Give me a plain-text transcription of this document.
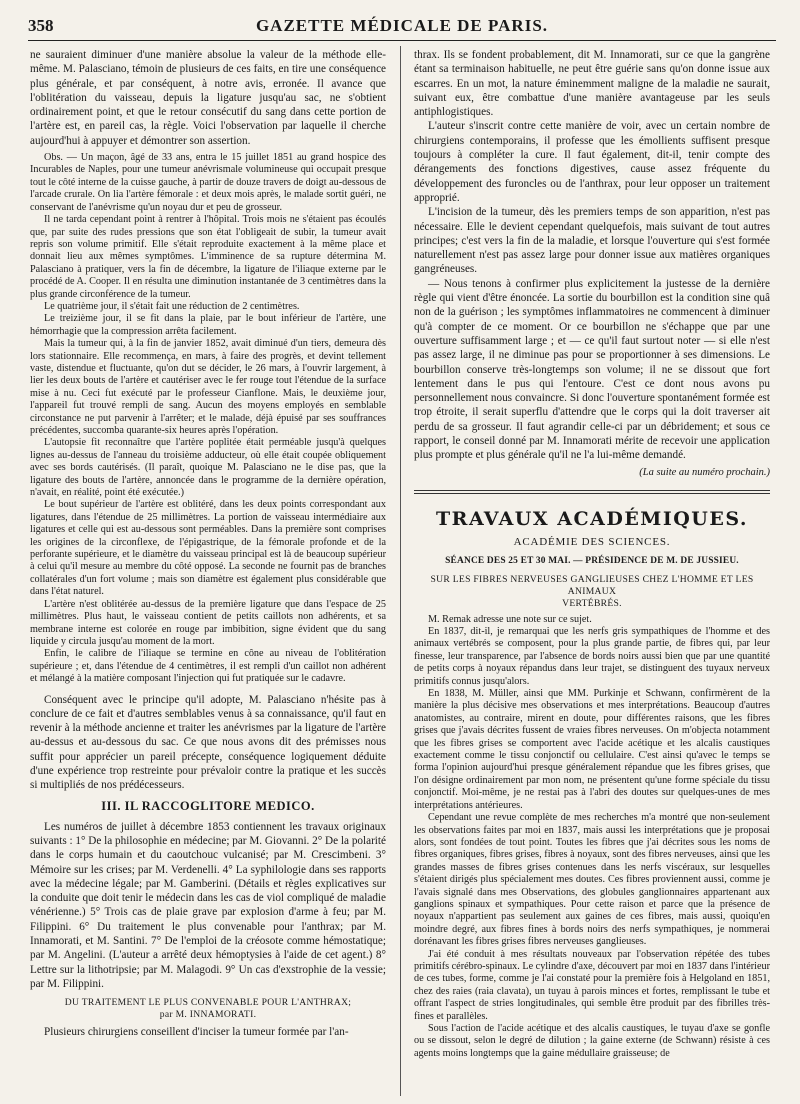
358	GAZETTE MÉDICALE DE PARIS.

ne sauraient diminuer d'une manière absolue la valeur de la méthode elle-même. M. Palasciano, témoin de plusieurs de ces faits, en tire une conséquence plus générale, et par conséquent, à notre avis, erronée. Il avance que l'oblitération du vaisseau, depuis la ligature jusqu'au sac, ne s'obtient ordinairement point, et que le retour consécutif du sang dans cette portion de l'artère est, en pareil cas, la règle. Voici l'observation par laquelle il cherche aujourd'hui à appuyer et démontrer son assertion.

Obs. — Un maçon, âgé de 33 ans, entra le 15 juillet 1851 au grand hospice des Incurables de Naples, pour une tumeur anévrismale volumineuse qui occupait presque tout le côté interne de la cuisse gauche, à partir de douze travers de doigt au-dessous de l'arcade crurale. On lia l'artère fémorale : et deux mois après, le malade sortit guéri, ne conservant de l'anévrisme qu'un noyau dur et peu de grosseur.

Il ne tarda cependant point à rentrer à l'hôpital. Trois mois ne s'étaient pas écoulés que, par suite des rudes pressions que son état l'obligeait de subir, la tumeur avait repris son volume primitif. Elle s'était reproduite exactement à la même place et donnait lieu aux mêmes symptômes. L'imminence de sa rupture détermina M. Palasciano à pratiquer, vers la fin de décembre, la ligature de l'iliaque externe par le procédé de A. Cooper. Il en résulta une diminution instantanée de 3 centimètres dans la plus grande circonférence de la tumeur.

Le quatrième jour, il s'était fait une réduction de 2 centimètres.

Le treizième jour, il se fit dans la plaie, par le bout inférieur de l'artère, une hémorrhagie que la compression arrêta facilement.

Mais la tumeur qui, à la fin de janvier 1852, avait diminué d'un tiers, demeura dès lors stationnaire. Elle recommença, en mars, à faire des progrès, et devint tellement vaste, distendue et fluctuante, qu'on dut se décider, le 26 mars, à l'ouvrir largement, à lier les deux bouts de l'artère et cautériser avec le fer rouge tout l'étendue de la surface mise à nu. Ceci fut exécuté par le professeur Cianflone. Mais, le deuxième jour, l'appareil fut trouvé rempli de sang. Aucun des moyens employés en semblable circonstance ne put parvenir à l'arrêter; et le malade, déjà épuisé par ses souffrances précédentes, succomba quarante-six heures après l'opération.

L'autopsie fit reconnaître que l'artère poplitée était perméable jusqu'à quelques lignes au-dessus de l'anneau du troisième adducteur, où elle était coupée obliquement avec ses bords cautérisés. (Il paraît, quoique M. Palasciano ne le dise pas, que la ligature des bouts de l'artère, annoncée dans le programme de la dernière opération, n'avait, en réalité, point été exécutée.)

Le bout supérieur de l'artère est oblitéré, dans les deux points correspondant aux ligatures, dans l'étendue de 25 millimètres. La portion de vaisseau intermédiaire aux ligatures et celle qui est au-dessous sont perméables. Dans la première sont comprises les origines de la circonflexe, de l'épigastrique, de la fémorale profonde et de la perforante supérieure, et le diamètre du vaisseau principal est là de beaucoup supérieur à celui qu'il mesure au membre du côté opposé. La seconde ne fournit pas de branches collatérales d'un fort volume ; mais son diamètre est également plus considérable que dans l'état naturel.

L'artère n'est oblitérée au-dessus de la première ligature que dans l'espace de 25 millimètres. Plus haut, le vaisseau contient de petits caillots non adhérents, et sa membrane interne est colorée en rouge par imbibition, signe évident que du sang liquide y circula jusqu'au moment de la mort.

Enfin, le calibre de l'iliaque se termine en cône au niveau de l'oblitération supérieure ; et, dans l'étendue de 4 centimètres, il est rempli d'un caillot non adhérent et mélangé à la matière composant l'injection qui fut pratiquée sur le cadavre.

Conséquent avec le principe qu'il adopte, M. Palasciano n'hésite pas à conclure de ce fait et d'autres semblables venus à sa connaissance, qu'il faut en revenir à la méthode ancienne et traiter les anévrismes par la ligature de l'artère au-dessus et au-dessous du sac. Ce que nous avons dit des prémisses nous suffit pour apprécier un pareil précepte, conséquence logiquement déduite d'une expérience trop restreinte pour prévaloir contre la pratique et les succès si multipliés de nos prédécesseurs.

III. IL RACCOGLITORE MEDICO.

Les numéros de juillet à décembre 1853 contiennent les travaux originaux suivants : 1° De la philosophie en médecine; par M. Giovanni. 2° De la polarité dans le corps humain et du caoutchouc vulcanisé; par M. Crescimbeni. 3° Mémoire sur les crises; par M. Verdenelli. 4° La syphilologie dans ses rapports avec la médecine légale; par M. Gamberini. (Détails et règles explicatives sur la conduite que doit tenir le médecin dans les cas de viol compliqué de maladie vénérienne.) 5° Trois cas de plaie grave par explosion d'arme à feu; par M. Filippini. 6° Du traitement le plus convenable pour l'anthrax; par M. Innamorati, et M. Santini. 7° De l'emploi de la créosote comme hémostatique; par M. Angelini. (L'auteur a arrêté deux hémoptysies à l'aide de cet agent.) 8° Lettre sur la lithotripsie; par M. Malagodi. 9° Un cas d'exstrophie de la vessie; par M. Filippini.

DU TRAITEMENT LE PLUS CONVENABLE POUR L'ANTHRAX;
par M. INNAMORATI.

Plusieurs chirurgiens conseillent d'inciser la tumeur formée par l'an-

thrax. Ils se fondent probablement, dit M. Innamorati, sur ce que la gangrène étant sa terminaison habituelle, ne peut être guérie sans qu'on donne issue aux escarres. En un mot, la nature éminemment maligne de la maladie ne saurait, suivant eux, être combattue d'une manière avantageuse par les seuls antiphlogistiques.

L'auteur s'inscrit contre cette manière de voir, avec un certain nombre de chirurgiens contemporains, il professe que les émollients suffisent presque toujours à compléter la cure. Il faut également, dit-il, tenir compte des dérangements des fonctions digestives, cause assez fréquente du développement des furoncles ou de l'anthrax, pour leur opposer un traitement approprié.

L'incision de la tumeur, dès les premiers temps de son apparition, n'est pas nécessaire. Elle le devient cependant quelquefois, mais suivant de tout autres principes; c'est vers la fin de la maladie, et lorsque l'ouverture qui s'est formée naturellement n'est pas assez large pour donner issue aux matières organiques gangréneuses.

— Nous tenons à confirmer plus explicitement la justesse de la dernière règle qui vient d'être énoncée. La sortie du bourbillon est la condition sine quâ non de la guérison ; les symptômes inflammatoires ne commencent à diminuer qu'à compter de ce moment. Or ce bourbillon ne s'échappe que par une ouverture suffisamment large ; et — ce qu'il faut surtout noter — si elle n'est pas assez large, il ne diminue pas pour se proportionner à ses dimensions. Le bourbillon conserve très-longtemps son volume; il ne se dissout que fort lentement dans le pus qui l'entoure. C'est ce dont nous avons pu personnellement nous convaincre. Si donc l'ouverture spontanément formée est trop étroite, il serait superflu d'attendre que le corps qui la doit traverser ait perdu de sa grosseur. Il faut agrandir celle-ci par un débridement; et sous ce rapport, le conseil donné par M. Innamorati mérite de recevoir une application plus prompte et plus générale qu'il ne l'a lui-même demandé.

(La suite au numéro prochain.)

TRAVAUX ACADÉMIQUES.
ACADÉMIE DES SCIENCES.
SÉANCE DES 25 ET 30 MAI. — PRÉSIDENCE DE M. DE JUSSIEU.
SUR LES FIBRES NERVEUSES GANGLIEUSES CHEZ L'HOMME ET LES ANIMAUX
VERTÉBRÉS.

M. Remak adresse une note sur ce sujet.

En 1837, dit-il, je remarquai que les nerfs gris sympathiques de l'homme et des animaux vertébrés se composent, pour la plus grande partie, de fibres qui, par leur finesse, leur transparence, par l'absence de bords noirs aussi bien que par une quantité de petits corps à noyaux répandus dans leur trajet, se distinguent des tuyaux nerveux primitifs connus jusqu'alors.

En 1838, M. Müller, ainsi que MM. Purkinje et Schwann, confirmèrent de la manière la plus décisive mes observations et mes interprétations. Beaucoup d'autres anatomistes, au contraire, mirent en doute, pour différentes raisons, que les fibres grises que j'avais décrites fussent de vraies fibres nerveuses. On m'objecta notamment que les fibres grises se comportent avec l'acide acétique et les alcalis caustiques exactement comme le tissu conjonctif ou cellulaire. C'est ainsi qu'avec le temps se forma l'opinion aujourd'hui presque généralement répandue que les fibres grises, que l'on désigne ordinairement par mon nom, ne présentent qu'une forme spéciale du tissu conjonctif. Moi-même, je ne restai pas à l'abri des doutes sur quelques-unes de mes interprétations antérieures.

Cependant une revue complète de mes recherches m'a montré que non-seulement les observations faites par moi en 1837, mais aussi les interprétations que je proposai alors, sont fondées de tout point. Toutes les fibres que j'ai décrites sous les noms de fibres organiques, fibres grises, fibres à noyaux, sont des fibres nerveuses, ainsi que les grandes masses de fibres grises contenues dans les nerfs viscéraux, sur lesquelles s'étaient dirigés plus spécialement mes doutes. Ces fibres proviennent aussi, comme je l'avais signalé dans mes Observations, des globules ganglionnaires appartenant aux ganglions spinaux et sympathiques. Pour cette raison et parce que la présence de noyaux n'appartient pas seulement aux gaines de ces fibres, mais aussi, quoiqu'en moindre degré, aux fibres fines à bords noirs des nerfs sympathiques, je nommerai dorénavant les fibres grises fibres nerveuses ganglieuses.

J'ai été conduit à mes résultats nouveaux par l'observation répétée des tubes primitifs cérébro-spinaux. Le cylindre d'axe, découvert par moi en 1837 dans l'intérieur de ces tubes, forme, comme je l'ai constaté pour la première fois à Helgoland en 1851, chez des raies (raia clavata), un tuyau à parois minces et fortes, remplissant le tube et offrant l'aspect de stries longitudinales, qui semble être produit par des fibrilles très-fines et parallèles.

Sous l'action de l'acide acétique et des alcalis caustiques, le tuyau d'axe se gonfle ou se dissout, selon le degré de dilution ; la gaine externe (de Schwann) résiste à ces agents moins longtemps que la gaine médullaire graisseuse; de
